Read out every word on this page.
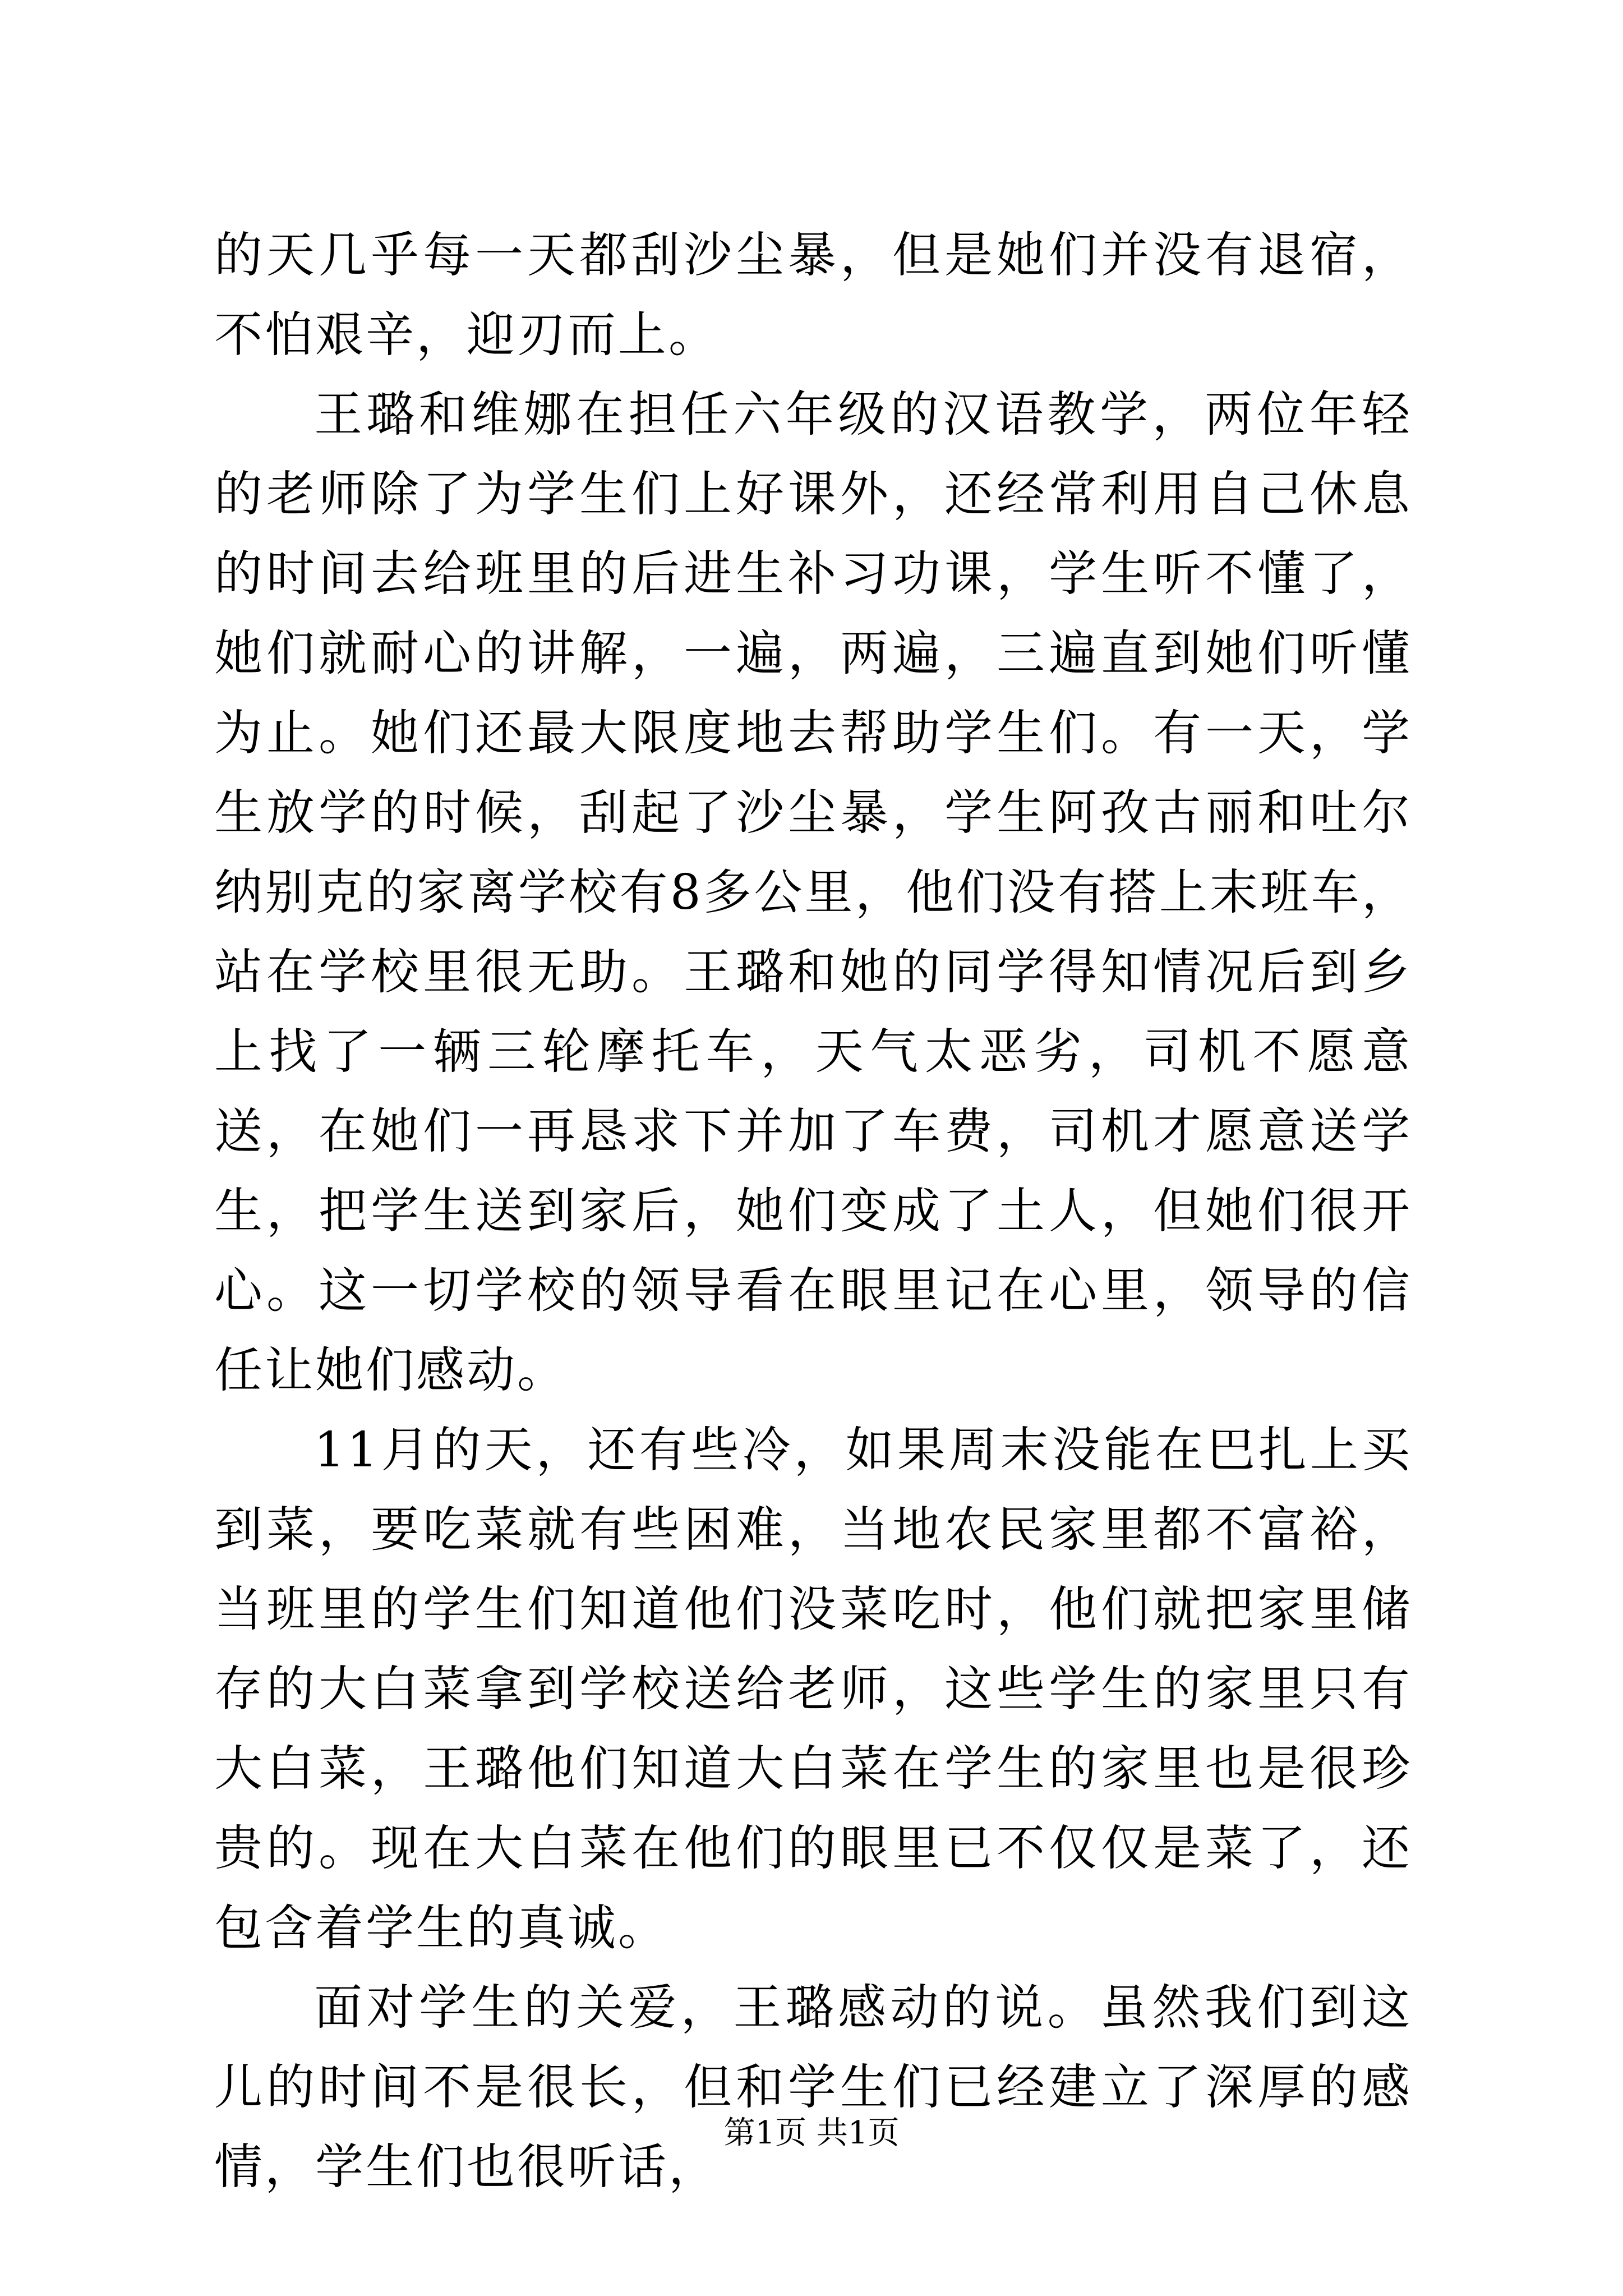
的天几乎每一天都刮沙尘暴，但是她们并没有退宿，不怕艰辛，迎刃而上。

王璐和维娜在担任六年级的汉语教学，两位年轻的老师除了为学生们上好课外，还经常利用自己休息的时间去给班里的后进生补习功课，学生听不懂了，她们就耐心的讲解，一遍，两遍，三遍直到她们听懂为止。她们还最大限度地去帮助学生们。有一天，学生放学的时候，刮起了沙尘暴，学生阿孜古丽和吐尔纳别克的家离学校有8多公里，他们没有搭上末班车，站在学校里很无助。王璐和她的同学得知情况后到乡上找了一辆三轮摩托车，天气太恶劣，司机不愿意送，在她们一再恳求下并加了车费，司机才愿意送学生，把学生送到家后，她们变成了土人，但她们很开心。这一切学校的领导看在眼里记在心里，领导的信任让她们感动。

11月的天，还有些冷，如果周末没能在巴扎上买到菜，要吃菜就有些困难，当地农民家里都不富裕，当班里的学生们知道他们没菜吃时，他们就把家里储存的大白菜拿到学校送给老师，这些学生的家里只有大白菜，王璐他们知道大白菜在学生的家里也是很珍贵的。现在大白菜在他们的眼里已不仅仅是菜了，还包含着学生的真诚。

面对学生的关爱，王璐感动的说。虽然我们到这儿的时间不是很长，但和学生们已经建立了深厚的感情，学生们也很听话，

第1页 共1页
